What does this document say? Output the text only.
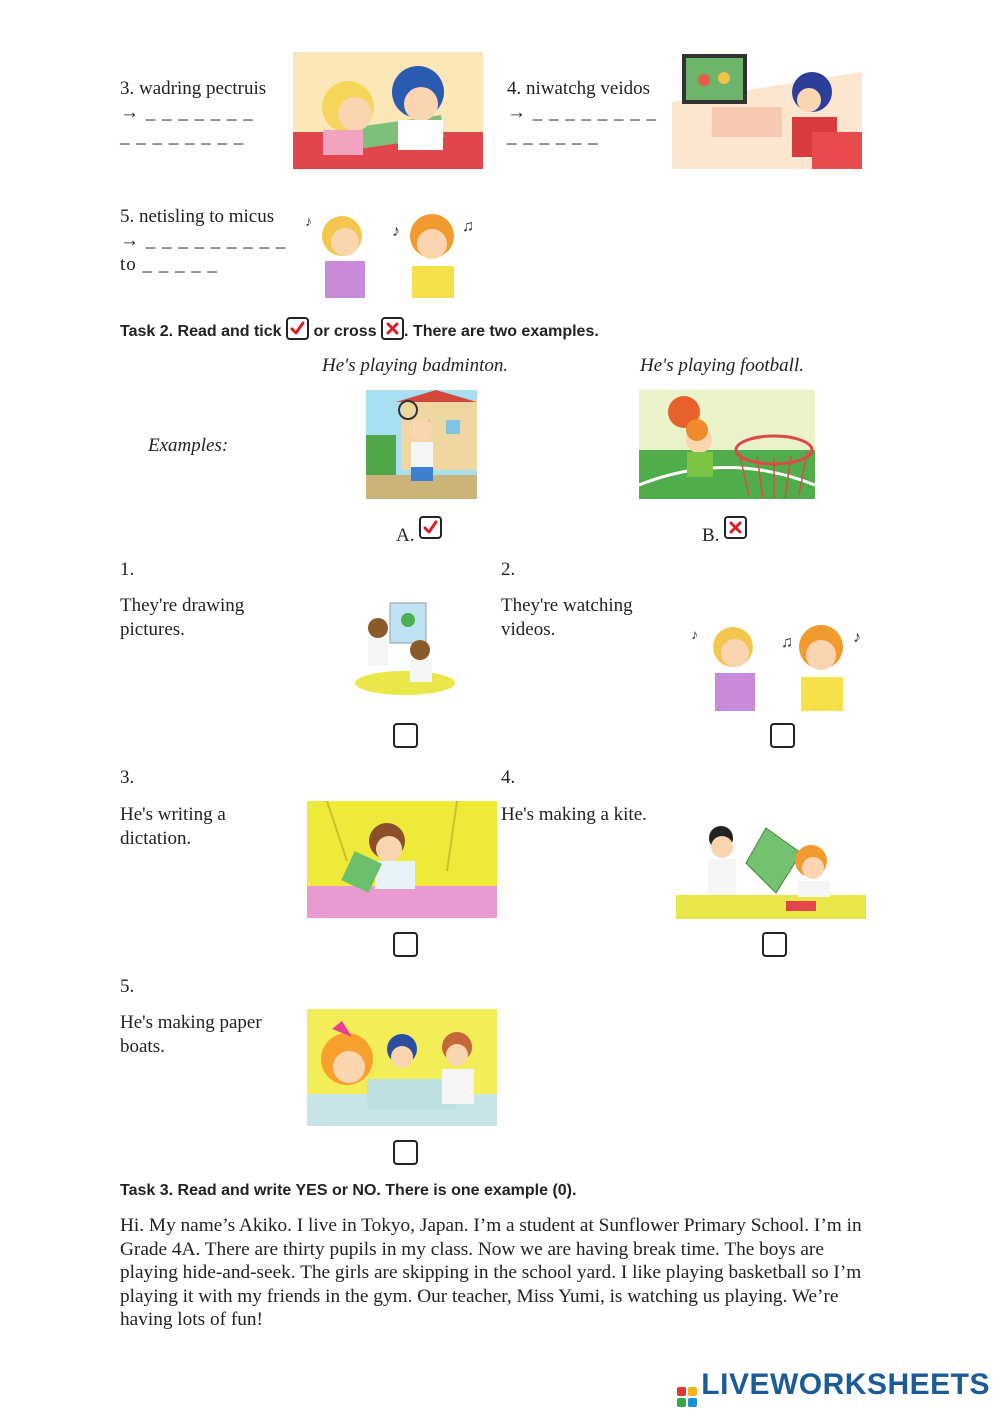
3. wadring pectruis
→ _ _ _ _ _ _ _
_ _ _ _ _ _ _ _
4. niwatchg veidos
→ _ _ _ _ _ _ _ _
_ _ _ _ _ _
5. netisling to micus
→ _ _ _ _ _ _ _ _ _
to _ _ _ _ _
♪	♫
♪
Task 2. Read and tick or cross . There are two examples.
He's playing badminton.	He's playing football.
Examples:
A.	B.
1.
They're drawing pictures.
2.
They're watching videos.	♪	♫	♪
3.
He's writing a dictation.
4.
He's making a kite.
5.
He's making paper boats.
Task 3. Read and write YES or NO. There is one example (0).
Hi. My name’s Akiko. I live in Tokyo, Japan. I’m a student at Sunflower Primary School. I’m in Grade 4A. There are thirty pupils in my class. Now we are having break time. The boys are playing hide-and-seek. The girls are skipping in the school yard. I like playing basketball so I’m playing it with my friends in the gym. Our teacher, Miss Yumi, is watching us playing. We’re having lots of fun!
LIVEWORKSHEETS
